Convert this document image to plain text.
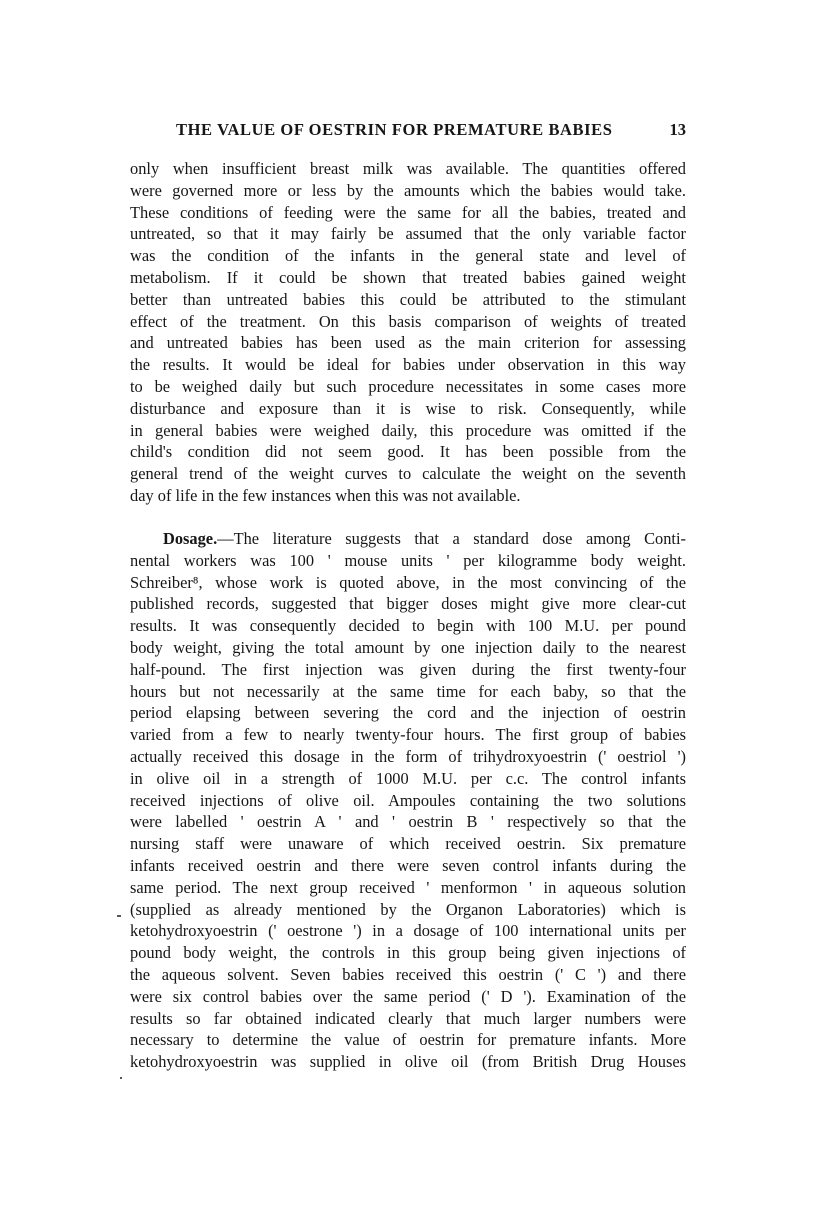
THE VALUE OF OESTRIN FOR PREMATURE BABIES	13
only when insufficient breast milk was available. The quantities offered
were governed more or less by the amounts which the babies would take.
These conditions of feeding were the same for all the babies, treated and
untreated, so that it may fairly be assumed that the only variable factor
was the condition of the infants in the general state and level of
metabolism. If it could be shown that treated babies gained weight
better than untreated babies this could be attributed to the stimulant
effect of the treatment. On this basis comparison of weights of treated
and untreated babies has been used as the main criterion for assessing
the results. It would be ideal for babies under observation in this way
to be weighed daily but such procedure necessitates in some cases more
disturbance and exposure than it is wise to risk. Consequently, while
in general babies were weighed daily, this procedure was omitted if the
child's condition did not seem good. It has been possible from the
general trend of the weight curves to calculate the weight on the seventh
day of life in the few instances when this was not available.
Dosage.—The literature suggests that a standard dose among Conti-
nental workers was 100 ' mouse units ' per kilogramme body weight.
Schreiber⁸, whose work is quoted above, in the most convincing of the
published records, suggested that bigger doses might give more clear-cut
results. It was consequently decided to begin with 100 M.U. per pound
body weight, giving the total amount by one injection daily to the nearest
half-pound. The first injection was given during the first twenty-four
hours but not necessarily at the same time for each baby, so that the
period elapsing between severing the cord and the injection of oestrin
varied from a few to nearly twenty-four hours. The first group of babies
actually received this dosage in the form of trihydroxyoestrin (' oestriol ')
in olive oil in a strength of 1000 M.U. per c.c. The control infants
received injections of olive oil. Ampoules containing the two solutions
were labelled ' oestrin A ' and ' oestrin B ' respectively so that the
nursing staff were unaware of which received oestrin. Six premature
infants received oestrin and there were seven control infants during the
same period. The next group received ' menformon ' in aqueous solution
(supplied as already mentioned by the Organon Laboratories) which is
ketohydroxyoestrin (' oestrone ') in a dosage of 100 international units per
pound body weight, the controls in this group being given injections of
the aqueous solvent. Seven babies received this oestrin (' C ') and there
were six control babies over the same period (' D '). Examination of the
results so far obtained indicated clearly that much larger numbers were
necessary to determine the value of oestrin for premature infants. More
ketohydroxyoestrin was supplied in olive oil (from British Drug Houses
